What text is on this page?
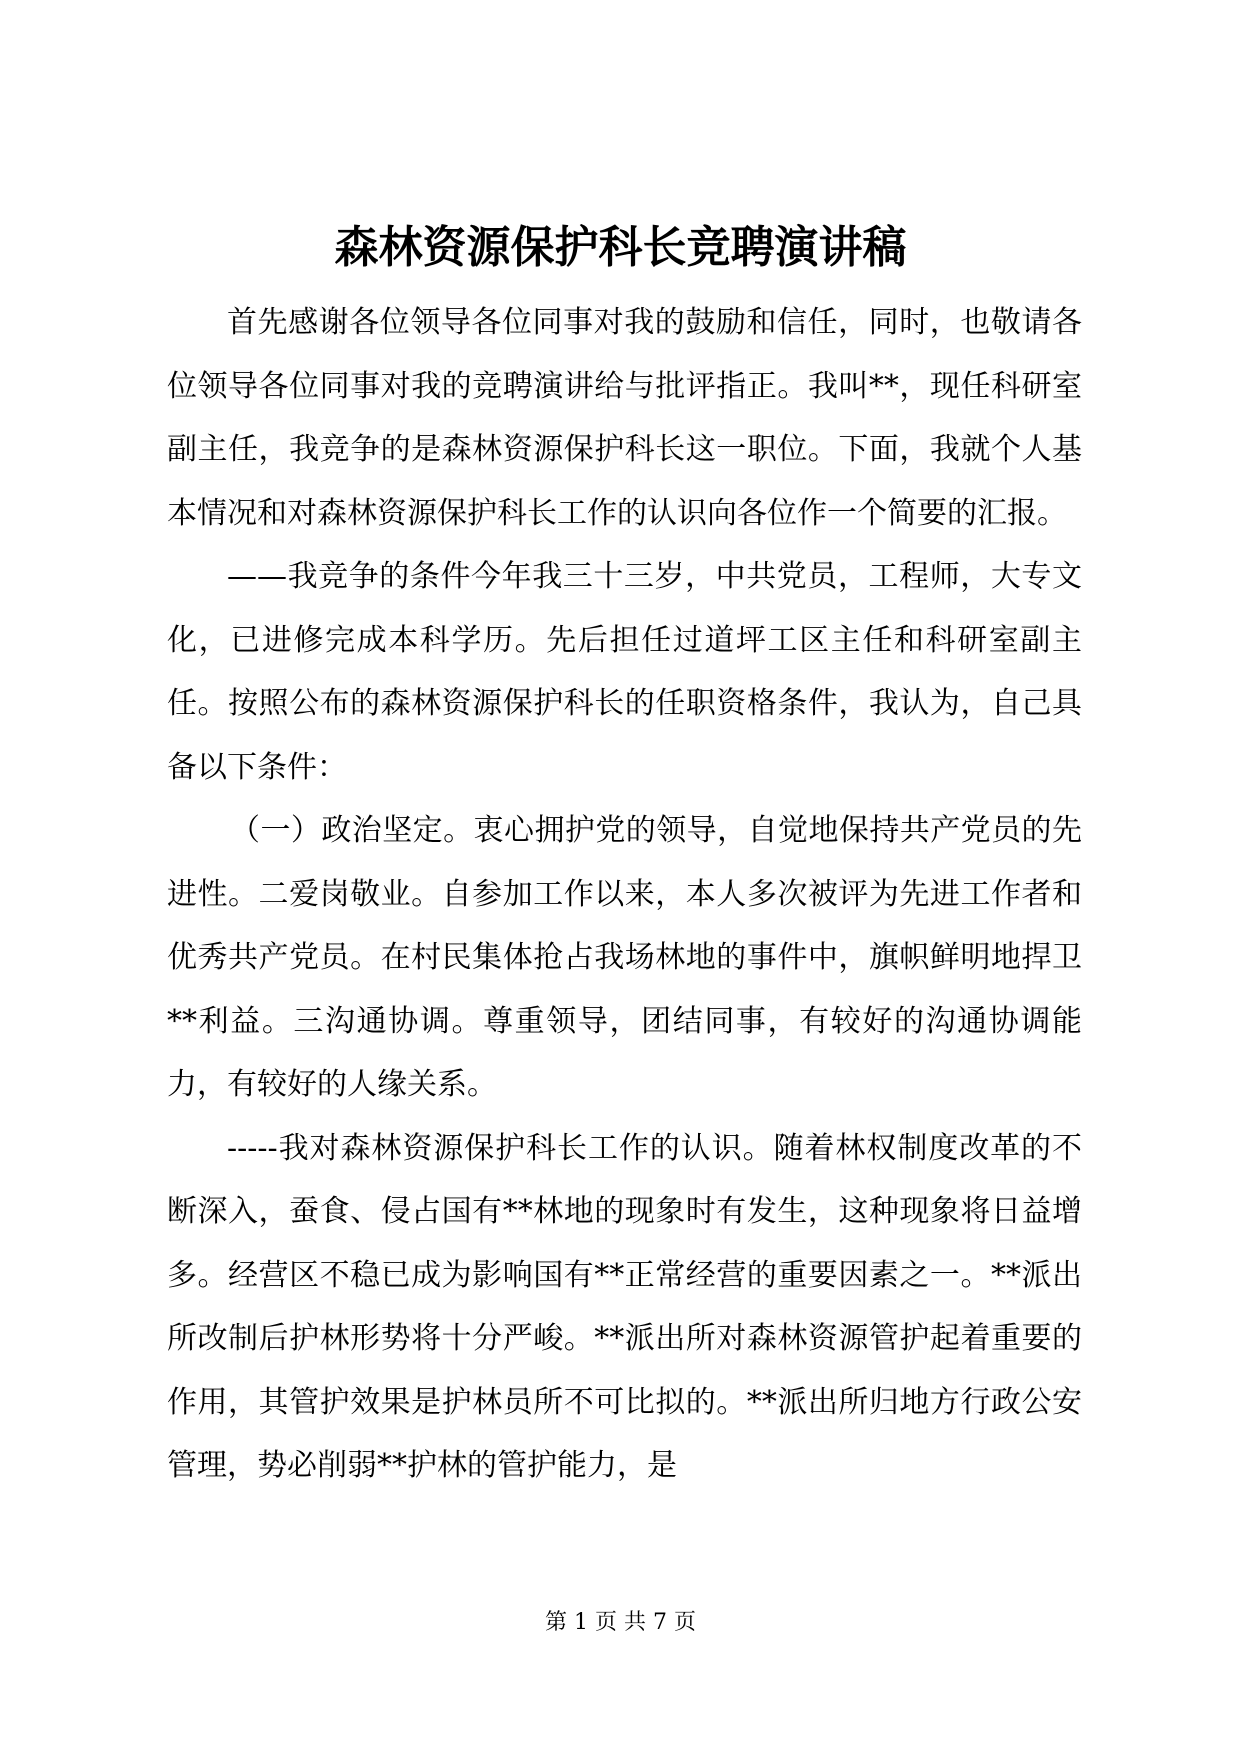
森林资源保护科长竞聘演讲稿

首先感谢各位领导各位同事对我的鼓励和信任，同时，也敬请各位领导各位同事对我的竞聘演讲给与批评指正。我叫**，现任科研室副主任，我竞争的是森林资源保护科长这一职位。下面，我就个人基本情况和对森林资源保护科长工作的认识向各位作一个简要的汇报。

——我竞争的条件今年我三十三岁，中共党员，工程师，大专文化，已进修完成本科学历。先后担任过道坪工区主任和科研室副主任。按照公布的森林资源保护科长的任职资格条件，我认为，自己具备以下条件：

（一）政治坚定。衷心拥护党的领导，自觉地保持共产党员的先进性。二爱岗敬业。自参加工作以来，本人多次被评为先进工作者和优秀共产党员。在村民集体抢占我场林地的事件中，旗帜鲜明地捍卫**利益。三沟通协调。尊重领导，团结同事，有较好的沟通协调能力，有较好的人缘关系。

-----我对森林资源保护科长工作的认识。随着林权制度改革的不断深入，蚕食、侵占国有**林地的现象时有发生，这种现象将日益增多。经营区不稳已成为影响国有**正常经营的重要因素之一。**派出所改制后护林形势将十分严峻。**派出所对森林资源管护起着重要的作用，其管护效果是护林员所不可比拟的。**派出所归地方行政公安管理，势必削弱**护林的管护能力，是

第 1 页 共 7 页
